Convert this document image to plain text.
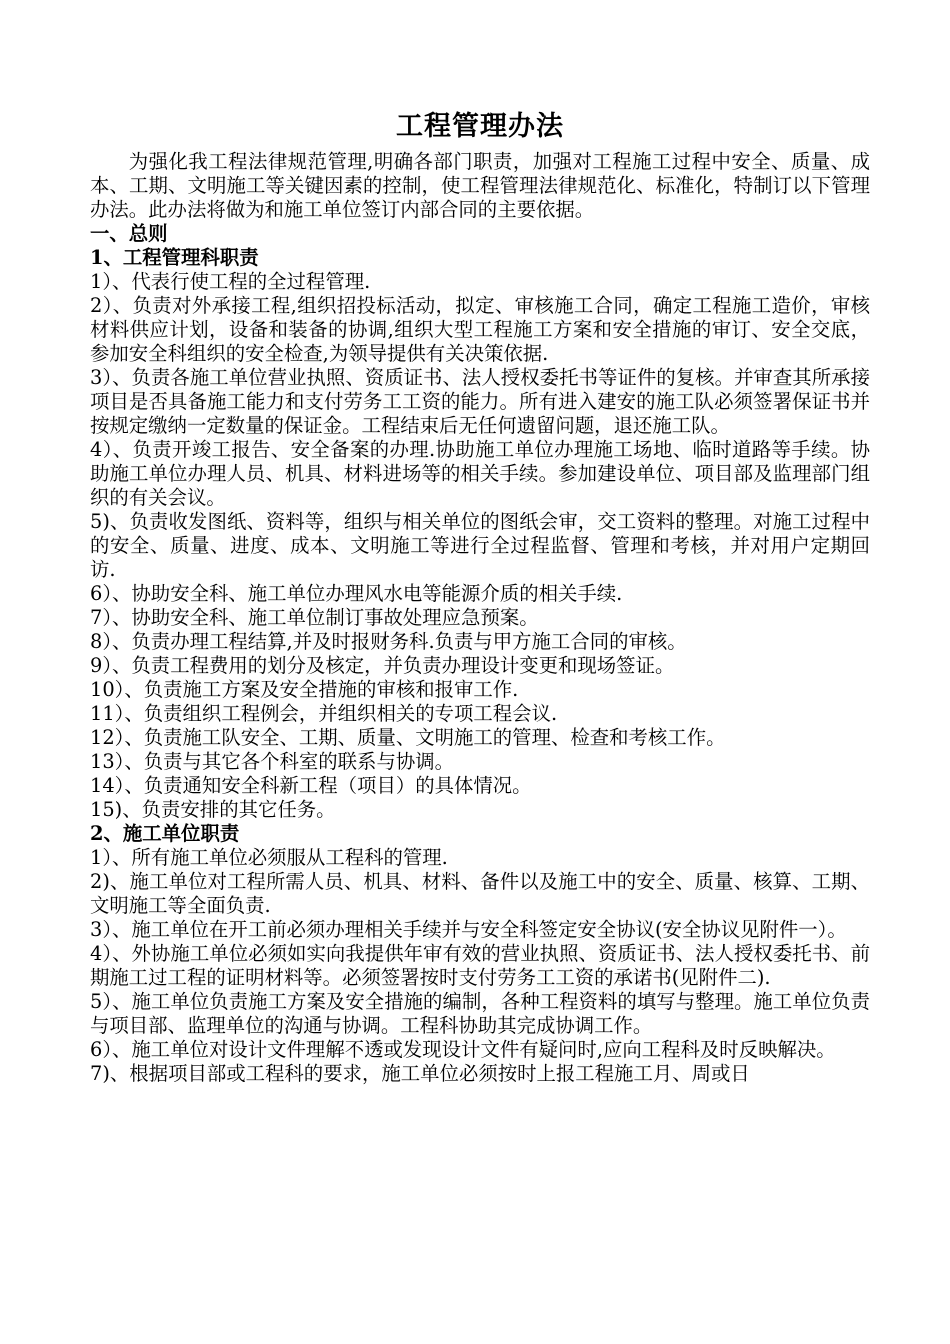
工程管理办法

为强化我工程法律规范管理,明确各部门职责，加强对工程施工过程中安全、质量、成本、工期、文明施工等关键因素的控制，使工程管理法律规范化、标准化，特制订以下管理办法。此办法将做为和施工单位签订内部合同的主要依据。

一、总则

1、工程管理科职责

1）、代表行使工程的全过程管理.

2）、负责对外承接工程,组织招投标活动，拟定、审核施工合同，确定工程施工造价，审核材料供应计划，设备和装备的协调,组织大型工程施工方案和安全措施的审订、安全交底，参加安全科组织的安全检查,为领导提供有关决策依据.

3）、负责各施工单位营业执照、资质证书、法人授权委托书等证件的复核。并审查其所承接项目是否具备施工能力和支付劳务工工资的能力。所有进入建安的施工队必须签署保证书并按规定缴纳一定数量的保证金。工程结束后无任何遗留问题，退还施工队。

4）、负责开竣工报告、安全备案的办理.协助施工单位办理施工场地、临时道路等手续。协助施工单位办理人员、机具、材料进场等的相关手续。参加建设单位、项目部及监理部门组织的有关会议。

5)、负责收发图纸、资料等，组织与相关单位的图纸会审，交工资料的整理。对施工过程中的安全、质量、进度、成本、文明施工等进行全过程监督、管理和考核，并对用户定期回访.

6）、协助安全科、施工单位办理风水电等能源介质的相关手续.

7）、协助安全科、施工单位制订事故处理应急预案。

8）、负责办理工程结算,并及时报财务科.负责与甲方施工合同的审核。

9）、负责工程费用的划分及核定，并负责办理设计变更和现场签证。

10）、负责施工方案及安全措施的审核和报审工作.

11）、负责组织工程例会，并组织相关的专项工程会议.

12）、负责施工队安全、工期、质量、文明施工的管理、检查和考核工作。

13）、负责与其它各个科室的联系与协调。

14）、负责通知安全科新工程（项目）的具体情况。

15)、负责安排的其它任务。

2、施工单位职责

1）、所有施工单位必须服从工程科的管理.

2)、施工单位对工程所需人员、机具、材料、备件以及施工中的安全、质量、核算、工期、文明施工等全面负责.

3）、施工单位在开工前必须办理相关手续并与安全科签定安全协议(安全协议见附件一）。

4）、外协施工单位必须如实向我提供年审有效的营业执照、资质证书、法人授权委托书、前期施工过工程的证明材料等。必须签署按时支付劳务工工资的承诺书(见附件二).

5）、施工单位负责施工方案及安全措施的编制，各种工程资料的填写与整理。施工单位负责与项目部、监理单位的沟通与协调。工程科协助其完成协调工作。

6）、施工单位对设计文件理解不透或发现设计文件有疑问时,应向工程科及时反映解决。

7)、根据项目部或工程科的要求，施工单位必须按时上报工程施工月、周或日
